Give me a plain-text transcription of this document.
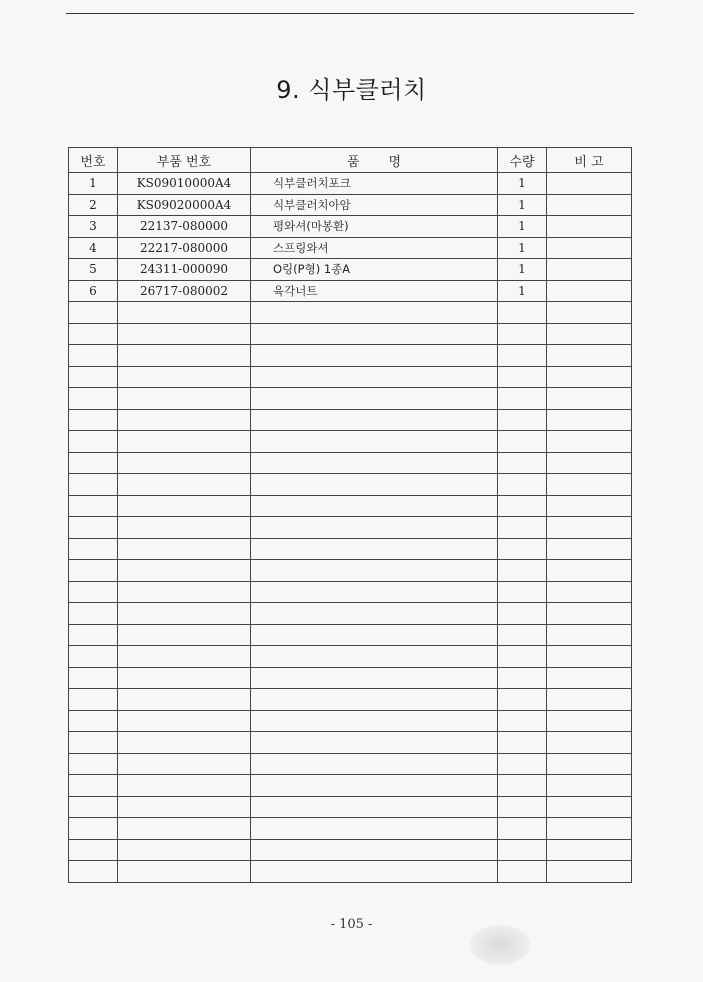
9. 식부클러치
번호	부품 번호	품       명	수량	비 고
1	KS09010000A4	식부클러치포크	1	
2	KS09020000A4	식부클러치아암	1	
3	22137-080000	평와셔(마봉환)	1	
4	22217-080000	스프링와셔	1	
5	24311-000090	O링(P형) 1종A	1	
6	26717-080002	육각너트	1	

- 105 -
